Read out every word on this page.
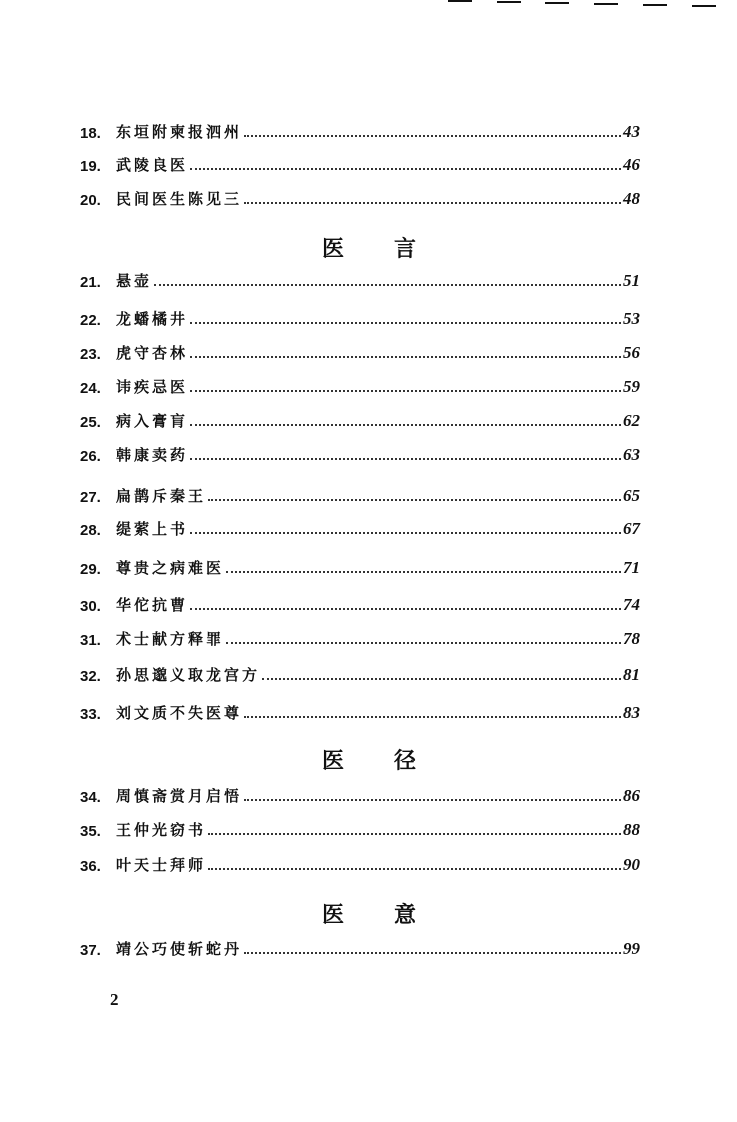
18.	东垣附柬报泗州	43
19.	武陵良医	46
20.	民间医生陈见三	48
医 言
21.	悬壶	51
22.	龙蟠橘井	53
23.	虎守杏林	56
24.	讳疾忌医	59
25.	病入膏肓	62
26.	韩康卖药	63
27.	扁鹊斥秦王	65
28.	缇萦上书	67
29.	尊贵之病难医	71
30.	华佗抗曹	74
31.	术士献方释罪	78
32.	孙思邈义取龙宫方	81
33.	刘文质不失医尊	83
医 径
34.	周慎斋赏月启悟	86
35.	王仲光窃书	88
36.	叶天士拜师	90
医 意
37.	靖公巧使斩蛇丹	99
2
